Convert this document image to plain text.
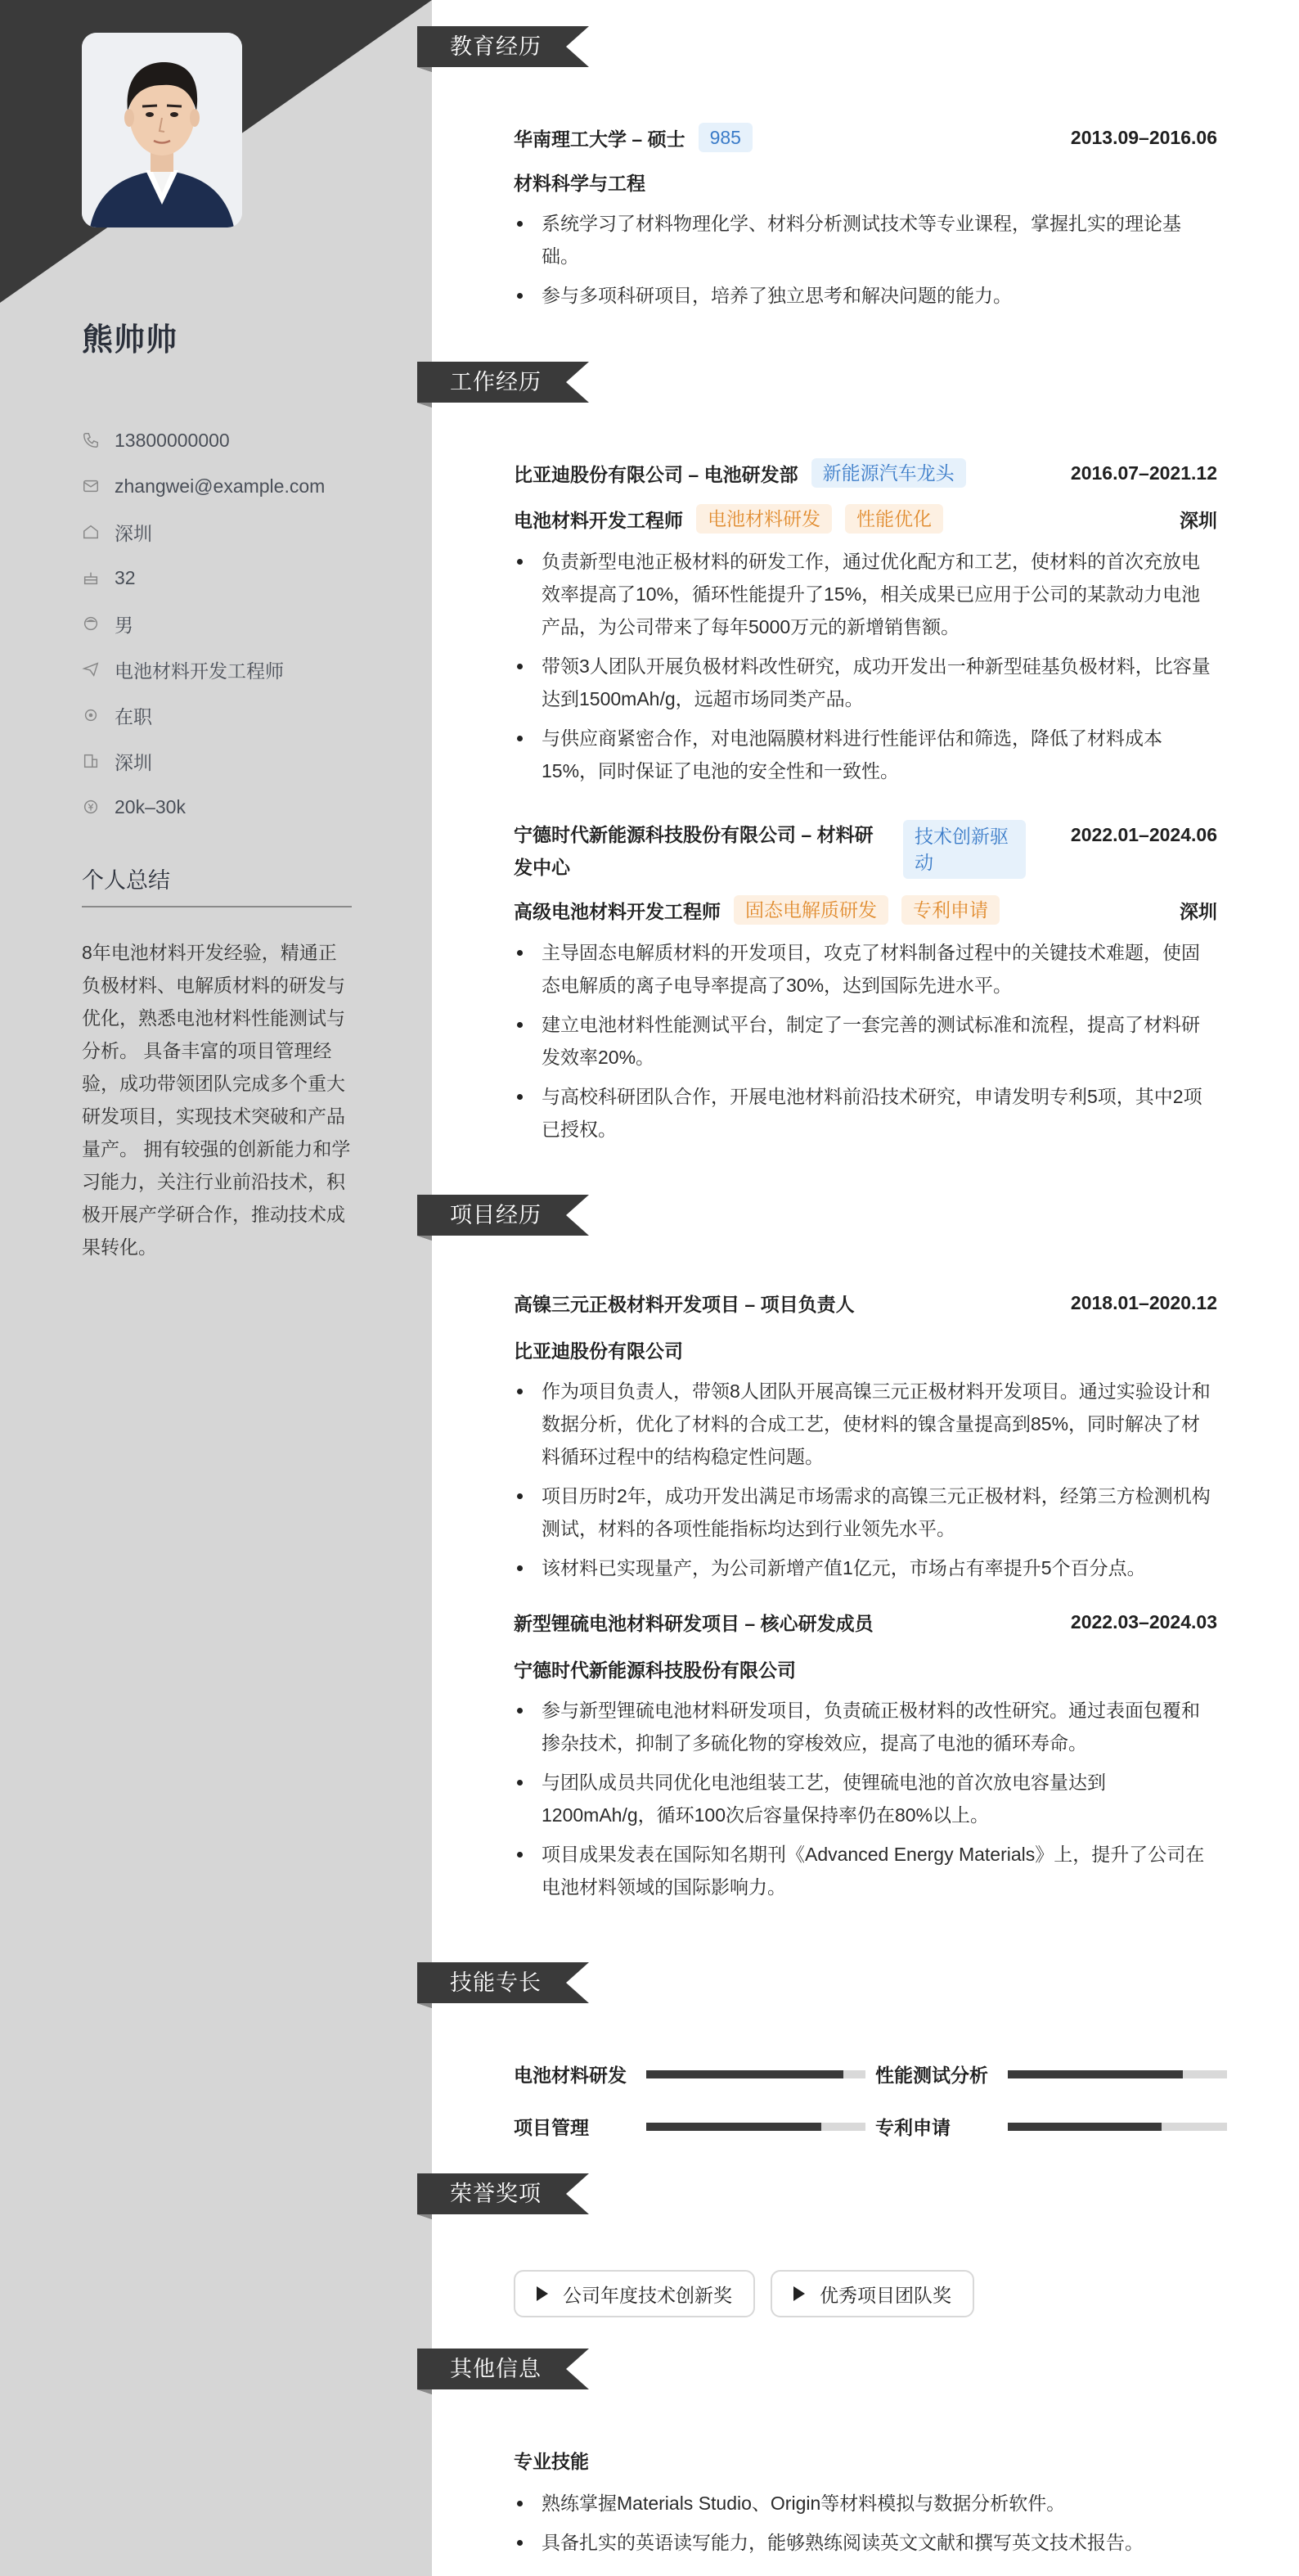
熊帅帅
13800000000
zhangwei@example.com
深圳
32
男
电池材料开发工程师
在职
深圳
20k–30k
个人总结
8年电池材料开发经验，精通正负极材料、电解质材料的研发与优化，熟悉电池材料性能测试与分析。 具备丰富的项目管理经验，成功带领团队完成多个重大研发项目，实现技术突破和产品量产。 拥有较强的创新能力和学习能力，关注行业前沿技术，积极开展产学研合作，推动技术成果转化。
教育经历
工作经历
项目经历
技能专长
荣誉奖项
其他信息
华南理工大学 – 硕士	985	2013.09–2016.06
材料科学与工程
系统学习了材料物理化学、材料分析测试技术等专业课程，掌握扎实的理论基础。
参与多项科研项目，培养了独立思考和解决问题的能力。
比亚迪股份有限公司 – 电池研发部	新能源汽车龙头	2016.07–2021.12
电池材料开发工程师	电池材料研发	性能优化	深圳
负责新型电池正极材料的研发工作，通过优化配方和工艺，使材料的首次充放电效率提高了10%，循环性能提升了15%，相关成果已应用于公司的某款动力电池产品，为公司带来了每年5000万元的新增销售额。
带领3人团队开展负极材料改性研究，成功开发出一种新型硅基负极材料，比容量达到1500mAh/g，远超市场同类产品。
与供应商紧密合作，对电池隔膜材料进行性能评估和筛选，降低了材料成本15%，同时保证了电池的安全性和一致性。
宁德时代新能源科技股份有限公司 – 材料研发中心
技术创新驱动
2022.01–2024.06
高级电池材料开发工程师	固态电解质研发	专利申请	深圳
主导固态电解质材料的开发项目，攻克了材料制备过程中的关键技术难题，使固态电解质的离子电导率提高了30%，达到国际先进水平。
建立电池材料性能测试平台，制定了一套完善的测试标准和流程，提高了材料研发效率20%。
与高校科研团队合作，开展电池材料前沿技术研究，申请发明专利5项，其中2项已授权。
高镍三元正极材料开发项目 – 项目负责人	2018.01–2020.12
比亚迪股份有限公司
作为项目负责人，带领8人团队开展高镍三元正极材料开发项目。通过实验设计和数据分析，优化了材料的合成工艺，使材料的镍含量提高到85%，同时解决了材料循环过程中的结构稳定性问题。
项目历时2年，成功开发出满足市场需求的高镍三元正极材料，经第三方检测机构测试，材料的各项性能指标均达到行业领先水平。
该材料已实现量产，为公司新增产值1亿元，市场占有率提升5个百分点。
新型锂硫电池材料研发项目 – 核心研发成员	2022.03–2024.03
宁德时代新能源科技股份有限公司
参与新型锂硫电池材料研发项目，负责硫正极材料的改性研究。通过表面包覆和掺杂技术，抑制了多硫化物的穿梭效应，提高了电池的循环寿命。
与团队成员共同优化电池组装工艺，使锂硫电池的首次放电容量达到1200mAh/g，循环100次后容量保持率仍在80%以上。
项目成果发表在国际知名期刊《Advanced Energy Materials》上，提升了公司在电池材料领域的国际影响力。
电池材料研发	性能测试分析
项目管理	专利申请
公司年度技术创新奖	优秀项目团队奖
专业技能
熟练掌握Materials Studio、Origin等材料模拟与数据分析软件。
具备扎实的英语读写能力，能够熟练阅读英文文献和撰写英文技术报告。
